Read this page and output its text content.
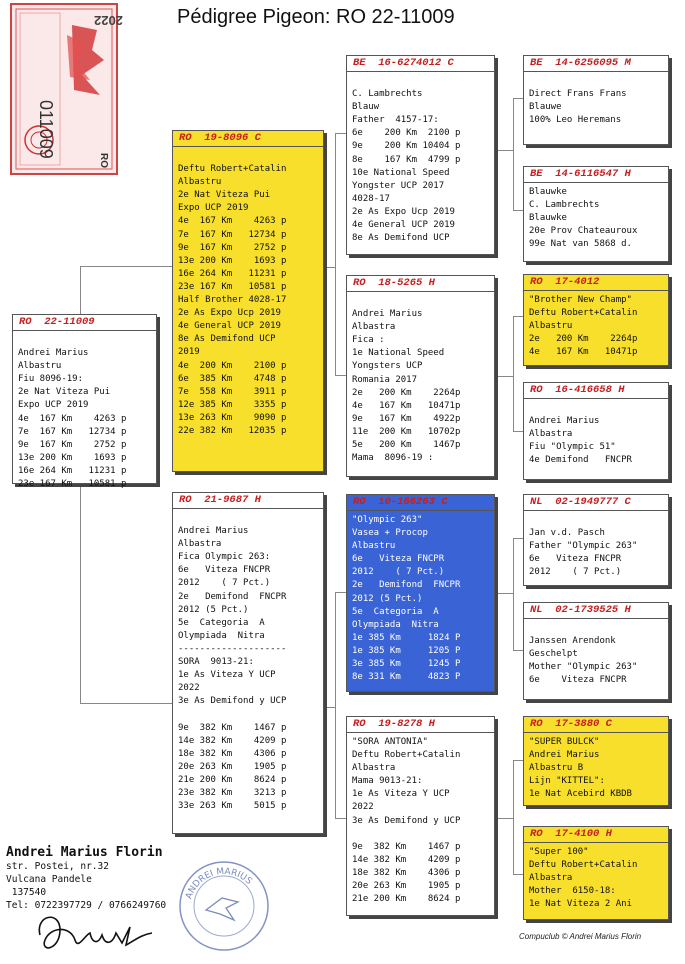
Pédigree Pigeon: RO 22-11009
2022
011009
RO
RO  22-11009
Andrei Marius
Albastru
Fiu 8096-19:
2e Nat Viteza Pui
Expo UCP 2019
4e  167 Km    4263 p
7e  167 Km   12734 p
9e  167 Km    2752 p
13e 200 Km    1693 p
16e 264 Km   11231 p
23e 167 Km   10581 p
RO  19-8096 C
Deftu Robert+Catalin
Albastru
2e Nat Viteza Pui
Expo UCP 2019
4e  167 Km    4263 p
7e  167 Km   12734 p
9e  167 Km    2752 p
13e 200 Km    1693 p
16e 264 Km   11231 p
23e 167 Km   10581 p
Half Brother 4028-17
2e As Expo Ucp 2019
4e General UCP 2019
8e As Demifond UCP
2019
4e  200 Km    2100 p
6e  385 Km    4748 p
7e  558 Km    3911 p
12e 385 Km    3355 p
13e 263 Km    9090 p
22e 382 Km   12035 p
RO  21-9687 H
Andrei Marius
Albastra
Fica Olympic 263:
6e   Viteza FNCPR
2012    ( 7 Pct.)
2e   Demifond  FNCPR
2012 (5 Pct.)
5e  Categoria  A
Olympiada  Nitra
--------------------
SORA  9013-21:
1e As Viteza Y UCP
2022
3e As Demifond y UCP
9e  382 Km    1467 p
14e 382 Km    4209 p
18e 382 Km    4306 p
20e 263 Km    1905 p
21e 200 Km    8624 p
23e 382 Km    3213 p
33e 263 Km    5015 p
BE  16-6274012 C
C. Lambrechts
Blauw
Father  4157-17:
6e    200 Km  2100 p
9e    200 Km 10404 p
8e    167 Km  4799 p
10e National Speed
Yongster UCP 2017
4028-17
2e As Expo Ucp 2019
4e General UCP 2019
8e As Demifond UCP
RO  18-5265 H
Andrei Marius
Albastra
Fica :
1e National Speed
Yongsters UCP
Romania 2017
2e   200 Km    2264p
4e   167 Km   10471p
9e   167 Km    4922p
11e  200 Km   10702p
5e   200 Km    1467p
Mama  8096-19 :
RO  10-166263 C
"Olympic 263"
Vasea + Procop
Albastru
6e   Viteza FNCPR
2012    ( 7 Pct.)
2e   Demifond  FNCPR
2012 (5 Pct.)
5e  Categoria  A
Olympiada  Nitra
1e 385 Km     1824 P
1e 385 Km     1205 P
3e 385 Km     1245 P
8e 331 Km     4823 P
RO  19-8278 H
"SORA ANTONIA"
Deftu Robert+Catalin
Albastra
Mama 9013-21:
1e As Viteza Y UCP
2022
3e As Demifond y UCP
9e  382 Km    1467 p
14e 382 Km    4209 p
18e 382 Km    4306 p
20e 263 Km    1905 p
21e 200 Km    8624 p
BE  14-6256095 M
Direct Frans Frans
Blauwe
100% Leo Heremans
BE  14-6116547 H
Blauwke
C. Lambrechts
Blauwke
20e Prov Chateauroux
99e Nat van 5868 d.
RO  17-4012
"Brother New Champ"
Deftu Robert+Catalin
Albastru
2e   200 Km    2264p
4e   167 Km   10471p
RO  16-416658 H
Andrei Marius
Albastra
Fiu "Olympic 51"
4e Demifond   FNCPR
NL  02-1949777 C
Jan v.d. Pasch
Father "Olympic 263"
6e   Viteza FNCPR
2012    ( 7 Pct.)
NL  02-1739525 H
Janssen Arendonk
Geschelpt
Mother "Olympic 263"
6e    Viteza FNCPR
RO  17-3880 C
"SUPER BULCK"
Andrei Marius
Albastru B
Lijn "KITTEL":
1e Nat Acebird KBDB
RO  17-4100 H
"Super 100"
Deftu Robert+Catalin
Albastra
Mother  6150-18:
1e Nat Viteza 2 Ani
Andrei Marius Florin
str. Postei, nr.32
Vulcana Pandele
137540
Tel: 0722397729 / 0766249760
ANDREI MARIUS
Compuclub © Andrei Marius Florin
